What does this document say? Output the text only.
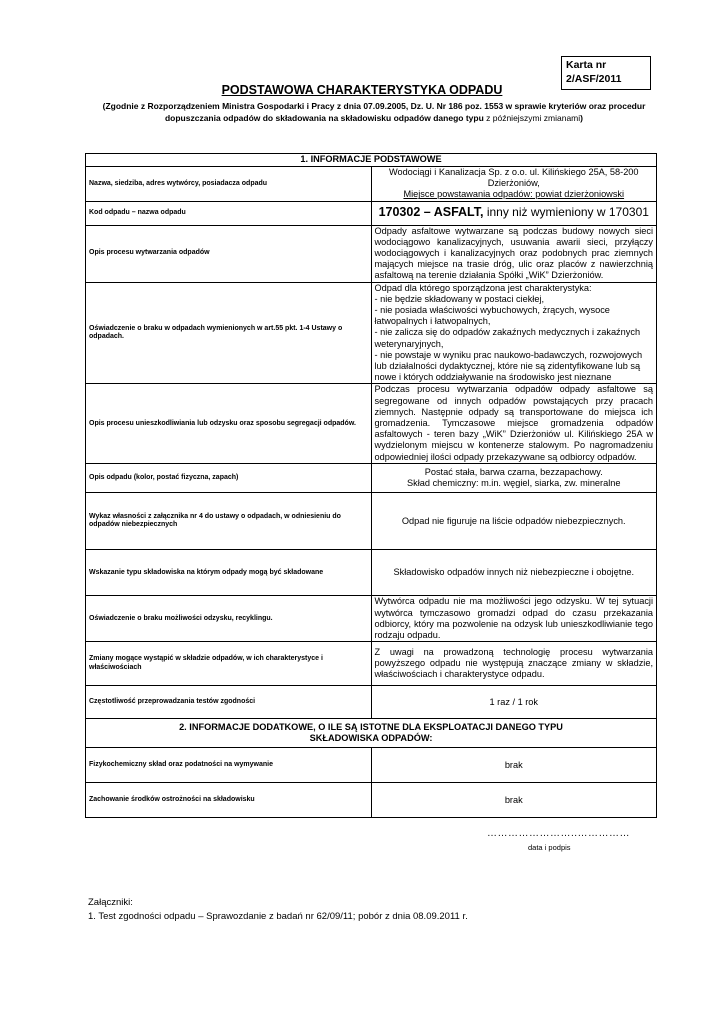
Karta nr
2/ASF/2011
PODSTAWOWA CHARAKTERYSTYKA ODPADU
(Zgodnie z Rozporządzeniem Ministra Gospodarki i Pracy z dnia 07.09.2005, Dz. U. Nr 186 poz. 1553 w sprawie kryteriów oraz procedur dopuszczania odpadów do składowania na składowisku odpadów danego typu z późniejszymi zmianami)
1. INFORMACJE PODSTAWOWE	
Nazwa, siedziba, adres wytwórcy, posiadacza odpadu	Wodociągi i Kanalizacja Sp. z o.o. ul. Kilińskiego 25A, 58-200 Dzierżoniów,
Miejsce powstawania odpadów: powiat dzierżoniowski

Kod odpadu – nazwa odpadu	170302 – ASFALT, inny niż wymieniony w 170301
Opis procesu wytwarzania odpadów	Odpady asfaltowe wytwarzane są podczas budowy nowych sieci wodociągowo kanalizacyjnych, usuwania awarii sieci, przyłączy wodociągowych i kanalizacyjnych oraz podobnych prac ziemnych mających miejsce na trasie dróg, ulic oraz placów z nawierzchnią asfaltową na terenie działania Spółki „WiK” Dzierżoniów.
Oświadczenie o braku w odpadach wymienionych w art.55 pkt. 1-4 Ustawy o odpadach.	Odpad dla którego sporządzona jest charakterystyka:
- nie będzie składowany w postaci ciekłej,
- nie posiada właściwości wybuchowych, żrących, wysoce łatwopalnych i łatwopalnych,
- nie zalicza się do odpadów zakaźnych medycznych i zakaźnych weterynaryjnych,
- nie powstaje w wyniku prac naukowo-badawczych, rozwojowych lub działalności dydaktycznej, które nie są zidentyfikowane lub są nowe i których oddziaływanie na środowisko jest nieznane

Opis procesu unieszkodliwiania lub odzysku oraz sposobu segregacji odpadów.	Podczas procesu wytwarzania odpadów odpady asfaltowe są segregowane od innych odpadów powstających przy pracach ziemnych. Następnie odpady są transportowane do miejsca ich gromadzenia. Tymczasowe miejsce gromadzenia odpadów asfaltowych - teren bazy „WiK” Dzierżoniów ul. Kilińskiego 25A w wydzielonym miejscu w kontenerze stalowym. Po nagromadzeniu odpowiedniej ilości odpady przekazywane są odbiorcy odpadów.
Opis odpadu (kolor, postać fizyczna, zapach)	Postać stała, barwa czarna, bezzapachowy.
Skład chemiczny: m.in. węgiel, siarka, zw. mineralne

Wykaz własności z załącznika nr 4 do ustawy o odpadach, w odniesieniu do odpadów niebezpiecznych	Odpad nie figuruje na liście odpadów niebezpiecznych.
Wskazanie typu składowiska na którym odpady mogą być składowane	Składowisko odpadów innych niż niebezpieczne i obojętne.
Oświadczenie o braku możliwości odzysku, recyklingu.	Wytwórca odpadu nie ma możliwości jego odzysku. W tej sytuacji wytwórca tymczasowo gromadzi odpad do czasu przekazania odbiorcy, który ma pozwolenie na odzysk lub unieszkodliwianie tego rodzaju odpadu.
Zmiany mogące wystąpić w składzie odpadów, w ich charakterystyce i właściwościach	Z uwagi na prowadzoną technologię procesu wytwarzania powyższego odpadu nie występują znaczące zmiany w składzie, właściwościach i charakterystyce odpadu.
Częstotliwość przeprowadzania testów zgodności	1 raz / 1 rok

2. INFORMACJE DODATKOWE, O ILE SĄ ISTOTNE DLA EKSPLOATACJI DANEGO TYPU
SKŁADOWISKA ODPADÓW:	

Fizykochemiczny skład oraz podatności na wymywanie	brak
Zachowanie środków ostrożności na składowisku	brak
……………………..……………
data i podpis
Załączniki:
1. Test zgodności odpadu – Sprawozdanie z badań nr 62/09/11; pobór z dnia 08.09.2011 r.
